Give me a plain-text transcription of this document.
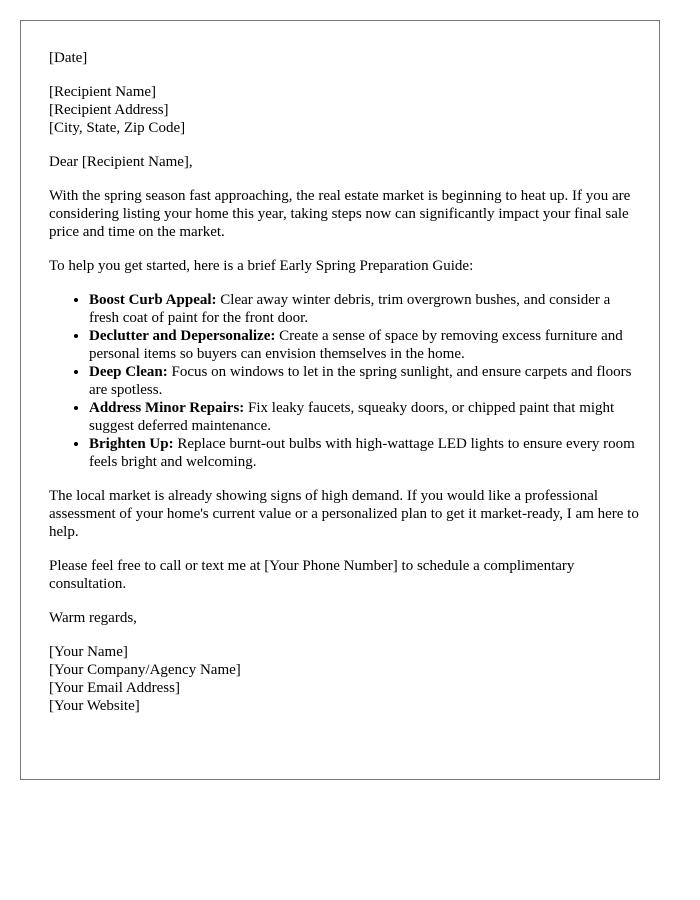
[Date]

[Recipient Name]
[Recipient Address]
[City, State, Zip Code]

Dear [Recipient Name],

With the spring season fast approaching, the real estate market is beginning to heat up. If you are considering listing your home this year, taking steps now can significantly impact your final sale price and time on the market.

To help you get started, here is a brief Early Spring Preparation Guide:

• Boost Curb Appeal: Clear away winter debris, trim overgrown bushes, and consider a fresh coat of paint for the front door.
• Declutter and Depersonalize: Create a sense of space by removing excess furniture and personal items so buyers can envision themselves in the home.
• Deep Clean: Focus on windows to let in the spring sunlight, and ensure carpets and floors are spotless.
• Address Minor Repairs: Fix leaky faucets, squeaky doors, or chipped paint that might suggest deferred maintenance.
• Brighten Up: Replace burnt-out bulbs with high-wattage LED lights to ensure every room feels bright and welcoming.

The local market is already showing signs of high demand. If you would like a professional assessment of your home's current value or a personalized plan to get it market-ready, I am here to help.

Please feel free to call or text me at [Your Phone Number] to schedule a complimentary consultation.

Warm regards,

[Your Name]
[Your Company/Agency Name]
[Your Email Address]
[Your Website]
